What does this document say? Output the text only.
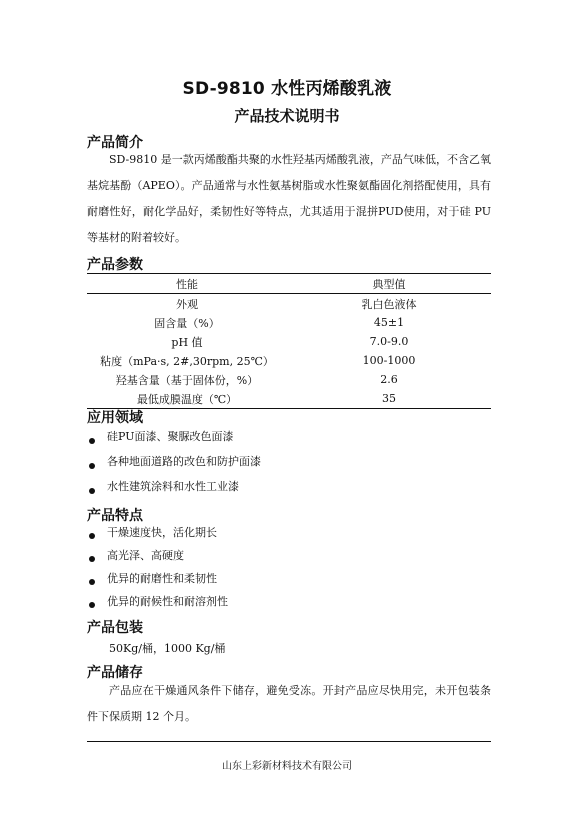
SD-9810 水性丙烯酸乳液
产品技术说明书
产品简介
SD-9810 是一款丙烯酸酯共聚的水性羟基丙烯酸乳液，产品气味低，不含乙氧基烷基酚（APEO）。产品通常与水性氨基树脂或水性聚氨酯固化剂搭配使用，具有耐磨性好，耐化学品好，柔韧性好等特点，尤其适用于混拼PUD使用，对于硅 PU 等基材的附着较好。
产品参数
性能	典型值
外观	乳白色液体
固含量（%）	45±1
pH 值	7.0-9.0
粘度（mPa·s, 2#,30rpm, 25℃）	100-1000
羟基含量（基于固体份，%）	2.6
最低成膜温度（℃）	35
应用领域
硅PU面漆、聚脲改色面漆
各种地面道路的改色和防护面漆
水性建筑涂料和水性工业漆
产品特点
干燥速度快，活化期长
高光泽、高硬度
优异的耐磨性和柔韧性
优异的耐候性和耐溶剂性
产品包装
50Kg/桶，1000 Kg/桶
产品储存
产品应在干燥通风条件下储存，避免受冻。开封产品应尽快用完，未开包装条件下保质期 12 个月。
山东上彩新材料技术有限公司
